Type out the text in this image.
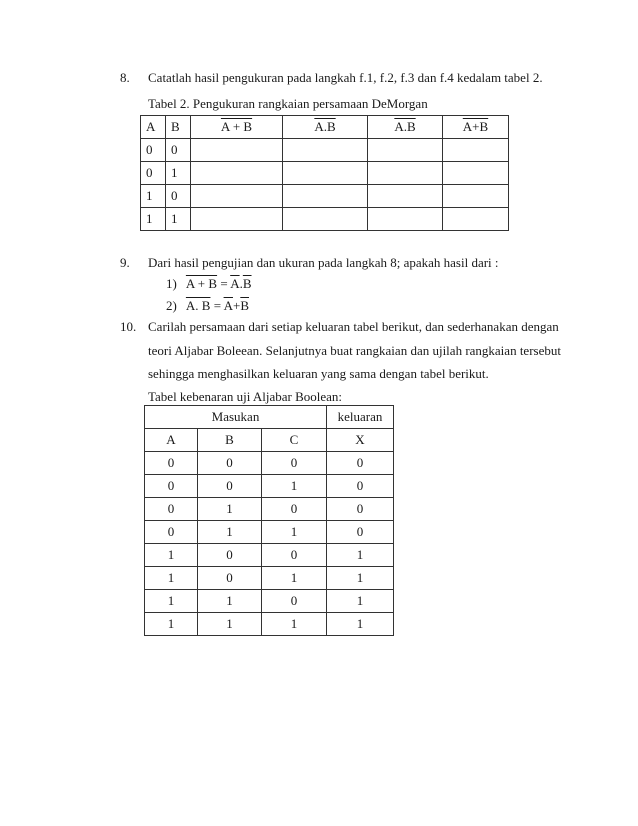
8. Catatlah hasil pengukuran pada langkah f.1, f.2, f.3 dan f.4 kedalam tabel 2.
Tabel 2. Pengukuran rangkaian persamaan DeMorgan
A	B	A + B	A.B	A.B	A+B
0	0				
0	1				
1	0				
1	1				
9. Dari hasil pengujian dan ukuran pada langkah 8; apakah hasil dari :
1) $A + B = \overline{A}.\overline{B}$
2) A. $B = \overline{A}+\overline{B}$
10. Carilah persamaan dari setiap keluaran tabel berikut, dan sederhanakan dengan
teori Aljabar Boleean. Selanjutnya buat rangkaian dan ujilah rangkaian tersebut
sehingga menghasilkan keluaran yang sama dengan tabel berikut.
Tabel kebenaran uji Aljabar Boolean:
Masukan			keluaran
A	B	C	X
0	0	0	0
0	0	1	0
0	1	0	0
0	1	1	0
1	0	0	1
1	0	1	1
1	1	0	1
1	1	1	1
